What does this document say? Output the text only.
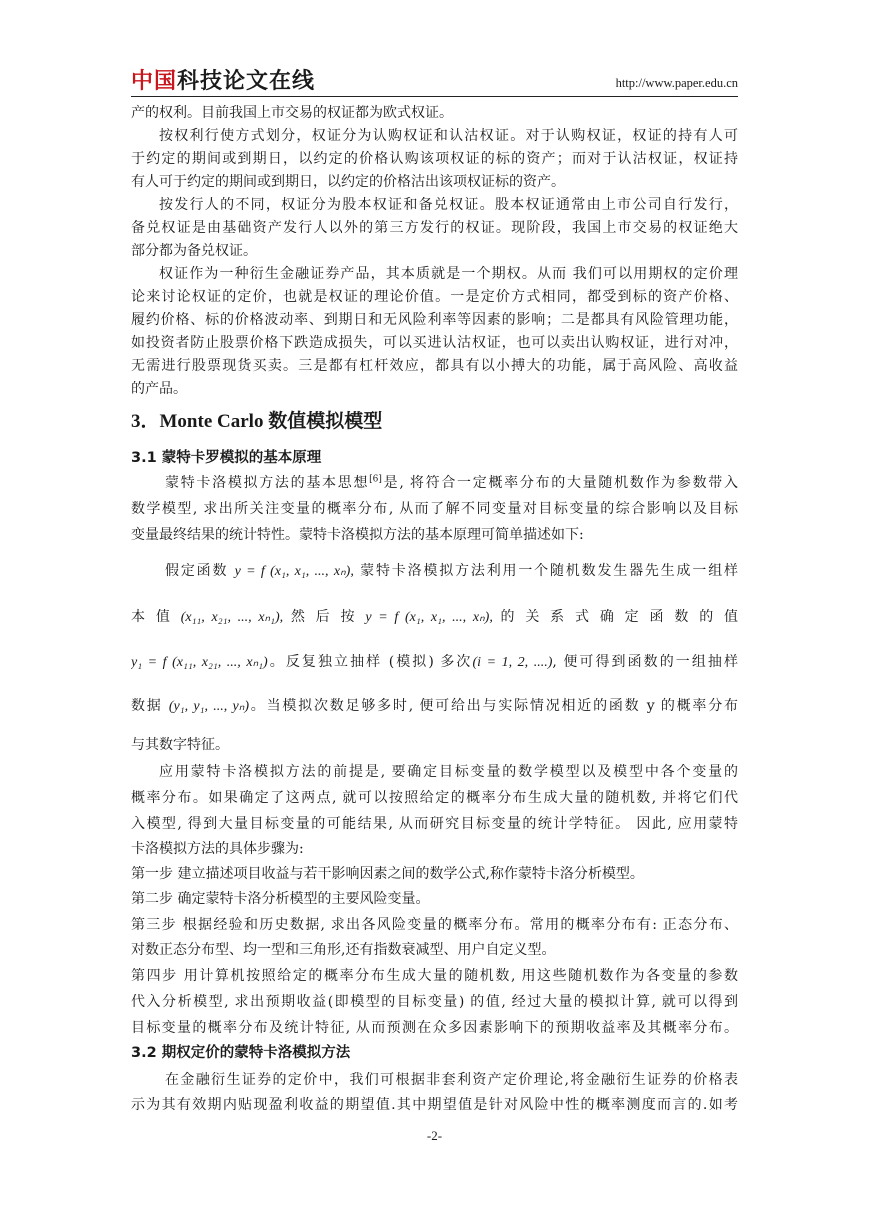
中国科技论文在线	http://www.paper.edu.cn
产的权利。目前我国上市交易的权证都为欧式权证。
按权利行使方式划分，权证分为认购权证和认沽权证。对于认购权证，权证的持有人可
于约定的期间或到期日，以约定的价格认购该项权证的标的资产；而对于认沽权证，权证持
有人可于约定的期间或到期日，以约定的价格沽出该项权证标的资产。
按发行人的不同，权证分为股本权证和备兑权证。股本权证通常由上市公司自行发行，
备兑权证是由基础资产发行人以外的第三方发行的权证。现阶段，我国上市交易的权证绝大
部分都为备兑权证。
权证作为一种衍生金融证券产品，其本质就是一个期权。从而 我们可以用期权的定价理
论来讨论权证的定价，也就是权证的理论价值。一是定价方式相同，都受到标的资产价格、
履约价格、标的价格波动率、到期日和无风险利率等因素的影响；二是都具有风险管理功能，
如投资者防止股票价格下跌造成损失，可以买进认沽权证，也可以卖出认购权证，进行对冲，
无需进行股票现货买卖。三是都有杠杆效应，都具有以小搏大的功能，属于高风险、高收益
的产品。
3．Monte Carlo 数值模拟模型
3.1 蒙特卡罗模拟的基本原理
蒙特卡洛模拟方法的基本思想[6]是, 将符合一定概率分布的大量随机数作为参数带入
数学模型, 求出所关注变量的概率分布, 从而了解不同变量对目标变量的综合影响以及目标
变量最终结果的统计特性。蒙特卡洛模拟方法的基本原理可简单描述如下:
假定函数 y = f (x₁, x₁, ..., xₙ), 蒙特卡洛模拟方法利用一个随机数发生器先生成一组样
本 值 (x₁₁, x₂₁, ..., xₙ₁), 然 后 按 y = f (x₁, x₁, ..., xₙ), 的 关 系 式 确 定 函 数 的 值
y₁ = f (x₁₁, x₂₁, ..., xₙ₁)。反复独立抽样 (模拟) 多次(i = 1, 2, ....), 便可得到函数的一组抽样
数据 (y₁, y₁, ..., yₙ)。当模拟次数足够多时, 便可给出与实际情况相近的函数 y 的概率分布
与其数字特征。
应用蒙特卡洛模拟方法的前提是, 要确定目标变量的数学模型以及模型中各个变量的
概率分布。如果确定了这两点, 就可以按照给定的概率分布生成大量的随机数, 并将它们代
入模型, 得到大量目标变量的可能结果, 从而研究目标变量的统计学特征。 因此, 应用蒙特
卡洛模拟方法的具体步骤为:
第一步 建立描述项目收益与若干影响因素之间的数学公式,称作蒙特卡洛分析模型。
第二步 确定蒙特卡洛分析模型的主要风险变量。
第三步 根据经验和历史数据, 求出各风险变量的概率分布。常用的概率分布有: 正态分布、
对数正态分布型、均一型和三角形,还有指数衰减型、用户自定义型。
第四步 用计算机按照给定的概率分布生成大量的随机数, 用这些随机数作为各变量的参数
代入分析模型, 求出预期收益(即模型的目标变量) 的值, 经过大量的模拟计算, 就可以得到
目标变量的概率分布及统计特征, 从而预测在众多因素影响下的预期收益率及其概率分布。
3.2 期权定价的蒙特卡洛模拟方法
在金融衍生证券的定价中，我们可根据非套利资产定价理论,将金融衍生证券的价格表
示为其有效期内贴现盈利收益的期望值.其中期望值是针对风险中性的概率测度而言的.如考
-2-
